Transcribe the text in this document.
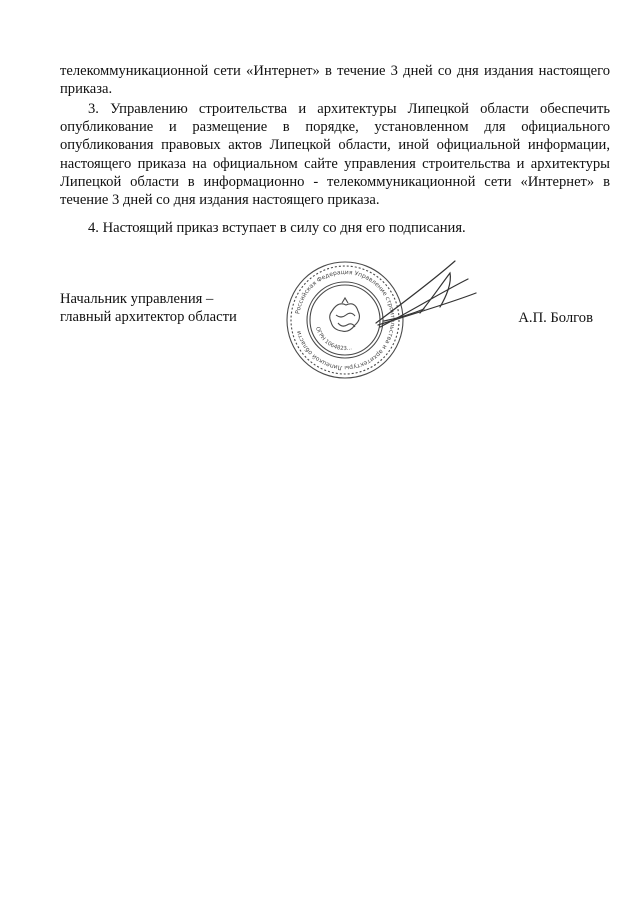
телекоммуникационной сети «Интернет» в течение 3 дней со дня издания настоящего приказа.

3. Управлению строительства и архитектуры Липецкой области обеспечить опубликование и размещение в порядке, установленном для официального опубликования правовых актов Липецкой области, иной официальной информации, настоящего приказа на официальном сайте управления строительства и архитектуры Липецкой области в информационно - телекоммуникационной сети «Интернет» в течение 3 дней со дня издания настоящего приказа.

4. Настоящий приказ вступает в силу со дня его подписания.

Начальник управления –
главный архитектор области	А.П. Болгов
Российская Федерация Управление строительства и архитектуры Липецкой области
ОГРН 1064823...
